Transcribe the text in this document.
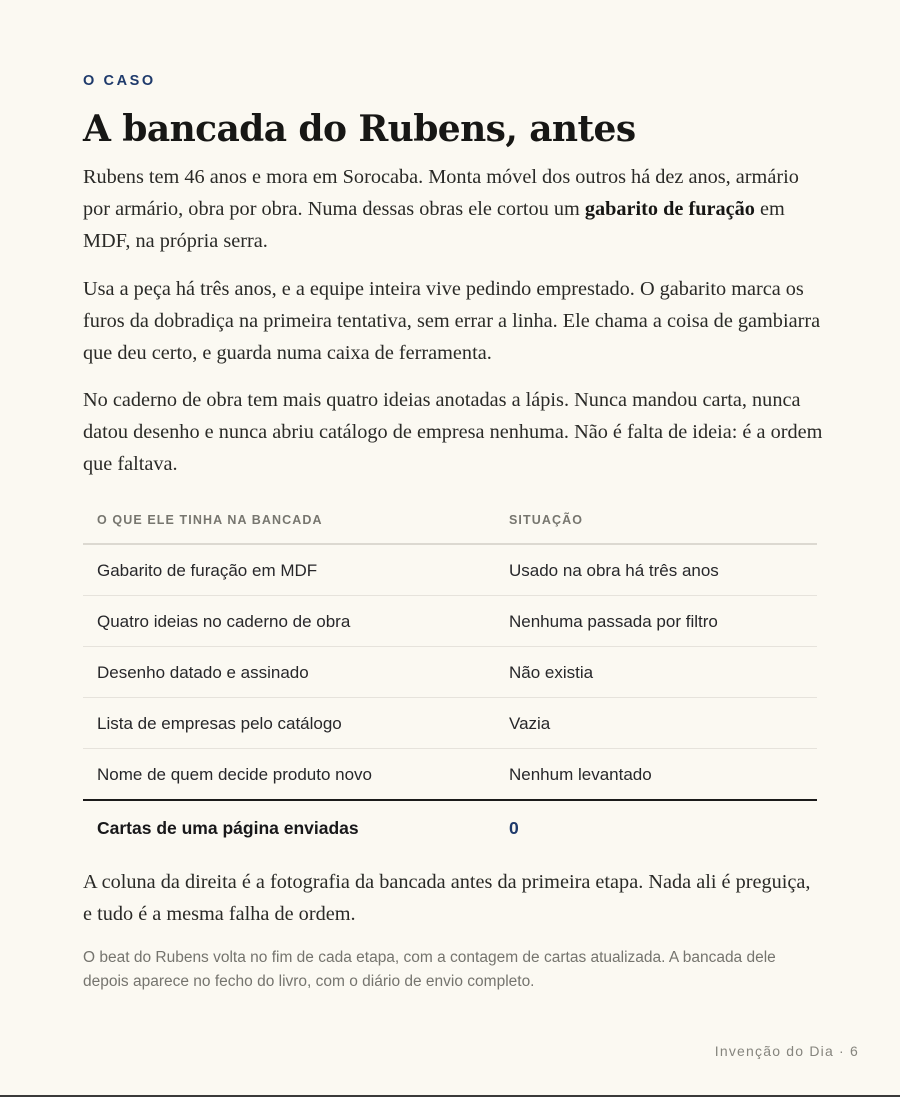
O CASO
A bancada do Rubens, antes

Rubens tem 46 anos e mora em Sorocaba. Monta móvel dos outros há dez anos, armário por armário, obra por obra. Numa dessas obras ele cortou um gabarito de furação em MDF, na própria serra.

Usa a peça há três anos, e a equipe inteira vive pedindo emprestado. O gabarito marca os furos da dobradiça na primeira tentativa, sem errar a linha. Ele chama a coisa de gambiarra que deu certo, e guarda numa caixa de ferramenta.

No caderno de obra tem mais quatro ideias anotadas a lápis. Nunca mandou carta, nunca datou desenho e nunca abriu catálogo de empresa nenhuma. Não é falta de ideia: é a ordem que faltava.

O QUE ELE TINHA NA BANCADA	SITUAÇÃO
Gabarito de furação em MDF	Usado na obra há três anos
Quatro ideias no caderno de obra	Nenhuma passada por filtro
Desenho datado e assinado	Não existia
Lista de empresas pelo catálogo	Vazia
Nome de quem decide produto novo	Nenhum levantado
Cartas de uma página enviadas	0

A coluna da direita é a fotografia da bancada antes da primeira etapa. Nada ali é preguiça, e tudo é a mesma falha de ordem.

O beat do Rubens volta no fim de cada etapa, com a contagem de cartas atualizada. A bancada dele depois aparece no fecho do livro, com o diário de envio completo.

Invenção do Dia · 6
